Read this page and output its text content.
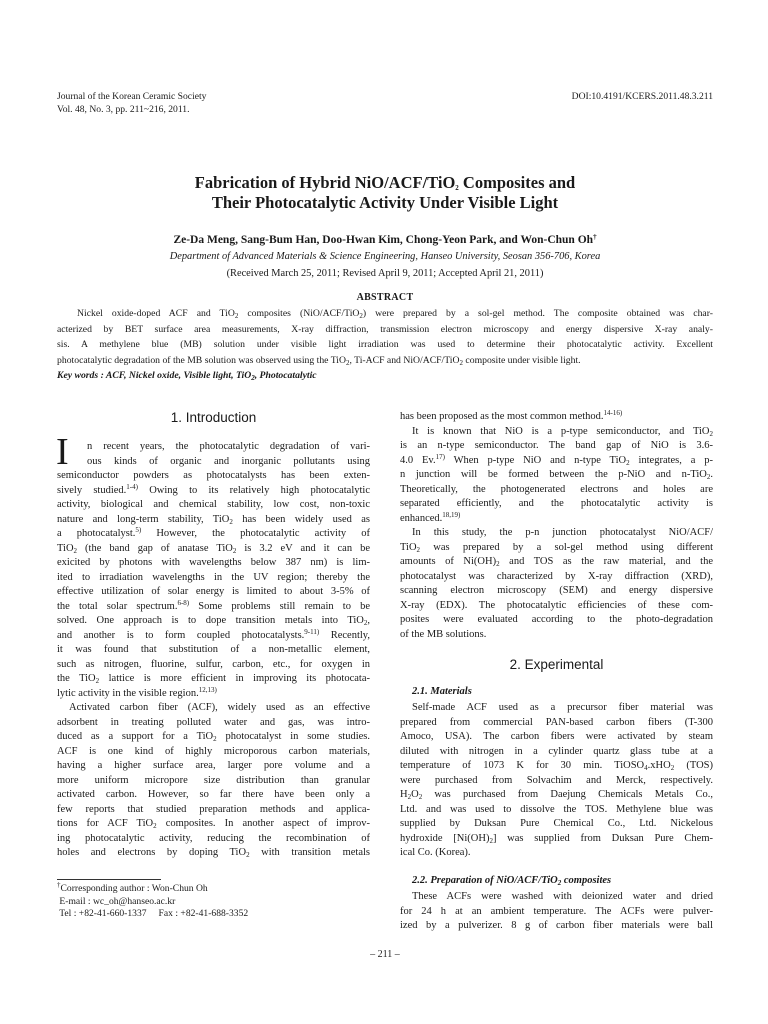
Journal of the Korean Ceramic Society
Vol. 48, No. 3, pp. 211~216, 2011.
DOI:10.4191/KCERS.2011.48.3.211
Fabrication of Hybrid NiO/ACF/TiO$_2$ Composites and
Their Photocatalytic Activity Under Visible Light
Ze-Da Meng, Sang-Bum Han, Doo-Hwan Kim, Chong-Yeon Park, and Won-Chun Oh†
Department of Advanced Materials & Science Engineering, Hanseo University, Seosan 356-706, Korea
(Received March 25, 2011; Revised April 9, 2011; Accepted April 21, 2011)
ABSTRACT
Nickel oxide-doped ACF and TiO$_2$ composites (NiO/ACF/TiO$_2$) were prepared by a sol-gel method. The composite obtained was char-
acterized by BET surface area measurements, X-ray diffraction, transmission electron microscopy and energy dispersive X-ray analy-
sis. A methylene blue (MB) solution under visible light irradiation was used to determine their photocatalytic activity. Excellent
photocatalytic degradation of the MB solution was observed using the TiO$_2$, Ti-ACF and NiO/ACF/TiO$_2$ composite under visible light.
Key words : ACF, Nickel oxide, Visible light, TiO$_2$, Photocatalytic
1. Introduction
I	n recent years, the photocatalytic degradation of vari-
ous kinds of organic and inorganic pollutants using
semiconductor powders as photocatalysts has been exten-
sively studied.$^{1-4)}$ Owing to its relatively high photocatalytic
activity, biological and chemical stability, low cost, non-toxic
nature and long-term stability, TiO$_2$ has been widely used as
a photocatalyst.$^{5)}$ However, the photocatalytic activity of
TiO$_2$ (the band gap of anatase TiO$_2$ is 3.2 eV and it can be
exicited by photons with wavelengths below 387 nm) is lim-
ited to irradiation wavelengths in the UV region; thereby the
effective utilization of solar energy is limited to about 3-5% of
the total solar spectrum.$^{6-8)}$ Some problems still remain to be
solved. One approach is to dope transition metals into TiO$_2$,
and another is to form coupled photocatalysts.$^{9-11)}$ Recently,
it was found that substitution of a non-metallic element,
such as nitrogen, fluorine, sulfur, carbon, etc., for oxygen in
the TiO$_2$ lattice is more efficient in improving its photocata-
lytic activity in the visible region.$^{12,13)}$
Activated carbon fiber (ACF), widely used as an effective
adsorbent in treating polluted water and gas, was intro-
duced as a support for a TiO$_2$ photocatalyst in some studies.
ACF is one kind of highly microporous carbon materials,
having a higher surface area, larger pore volume and a
more uniform micropore size distribution than granular
activated carbon. However, so far there have been only a
few reports that studied preparation methods and applica-
tions for ACF TiO$_2$ composites. In another aspect of improv-
ing photocatalytic activity, reducing the recombination of
holes and electrons by doping TiO$_2$ with transition metals
†Corresponding author : Won-Chun Oh
E-mail : wc_oh@hanseo.ac.kr
Tel : +82-41-660-1337     Fax : +82-41-688-3352
has been proposed as the most common method.$^{14-16)}$
It is known that NiO is a p-type semiconductor, and TiO$_2$
is an n-type semiconductor. The band gap of NiO is 3.6-
4.0 Ev.$^{17)}$ When p-type NiO and n-type TiO$_2$ integrates, a p-
n junction will be formed between the p-NiO and n-TiO$_2$.
Theoretically, the photogenerated electrons and holes are
separated efficiently, and the photocatalytic activity is
enhanced.$^{18,19)}$
In this study, the p-n junction photocatalyst NiO/ACF/
TiO$_2$ was prepared by a sol-gel method using different
amounts of $Ni(OH)_2$ and TOS as the raw material, and the
photocatalyst was characterized by X-ray diffraction (XRD),
scanning electron microscopy (SEM) and energy dispersive
X-ray (EDX). The photocatalytic efficiencies of these com-
posites were evaluated according to the photo-degradation
of the MB solutions.
2. Experimental
2.1. Materials
Self-made ACF used as a precursor fiber material was
prepared from commercial PAN-based carbon fibers (T-300
Amoco, USA). The carbon fibers were activated by steam
diluted with nitrogen in a cylinder quartz glass tube at a
temperature of 1073 K for 30 min. TiOSO$_4$.xHO$_2$ (TOS)
were purchased from Solvachim and Merck, respectively.
$H_2O_2$ was purchased from Daejung Chemicals Metals Co.,
Ltd. and was used to dissolve the TOS. Methylene blue was
supplied by Duksan Pure Chemical Co., Ltd. Nickelous
hydroxide $[Ni(OH)_2]$ was supplied from Duksan Pure Chem-
ical Co. (Korea).
2.2. Preparation of NiO/ACF/TiO$_2$ composites
These ACFs were washed with deionized water and dried
for 24 h at an ambient temperature. The ACFs were pulver-
ized by a pulverizer. 8 g of carbon fiber materials were ball
– 211 –
